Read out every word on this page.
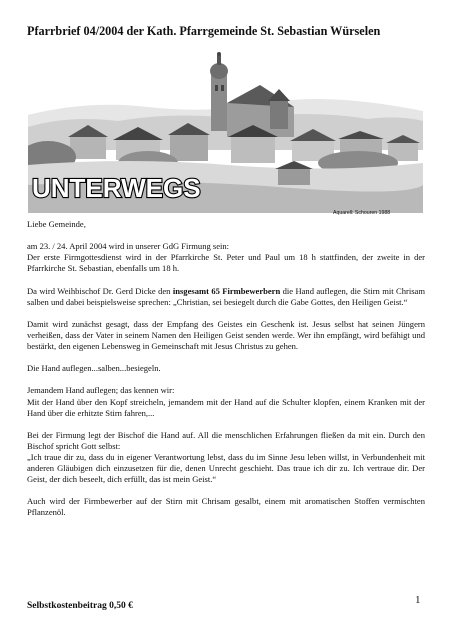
Pfarrbrief 04/2004 der Kath. Pfarrgemeinde St. Sebastian Würselen
UNTERWEGS
Aquarell: Schouren 1988

Liebe Gemeinde,

am 23. / 24. April 2004 wird in unserer GdG Firmung sein:
Der erste Firmgottesdienst wird in der Pfarrkirche St. Peter und Paul um 18 h stattfinden, der zweite in der Pfarrkirche St. Sebastian, ebenfalls um 18 h.

Da wird Weihbischof Dr. Gerd Dicke den insgesamt 65 Firmbewerbern die Hand auflegen, die Stirn mit Chrisam salben und dabei beispielsweise sprechen: „Christian, sei besiegelt durch die Gabe Gottes, den Heiligen Geist.“

Damit wird zunächst gesagt, dass der Empfang des Geistes ein Geschenk ist. Jesus selbst hat seinen Jüngern verheißen, dass der Vater in seinem Namen den Heiligen Geist senden werde. Wer ihn empfängt, wird befähigt und bestärkt, den eigenen Lebensweg in Gemeinschaft mit Jesus Christus zu gehen.

Die Hand auflegen...salben...besiegeln.

Jemandem Hand auflegen; das kennen wir:
Mit der Hand über den Kopf streicheln, jemandem mit der Hand auf die Schulter klopfen, einem Kranken mit der Hand über die erhitzte Stirn fahren,...

Bei der Firmung legt der Bischof die Hand auf. All die menschlichen Erfahrungen fließen da mit ein. Durch den Bischof spricht Gott selbst:
„Ich traue dir zu, dass du in eigener Verantwortung lebst, dass du im Sinne Jesu leben willst, in Verbundenheit mit anderen Gläubigen dich einzusetzen für die, denen Unrecht geschieht. Das traue ich dir zu. Ich vertraue dir. Der Geist, der dich beseelt, dich erfüllt, das ist mein Geist.“

Auch wird der Firmbewerber auf der Stirn mit Chrisam gesalbt, einem mit aromatischen Stoffen vermischten Pflanzenöl.

Selbstkostenbeitrag 0,50 €	1
